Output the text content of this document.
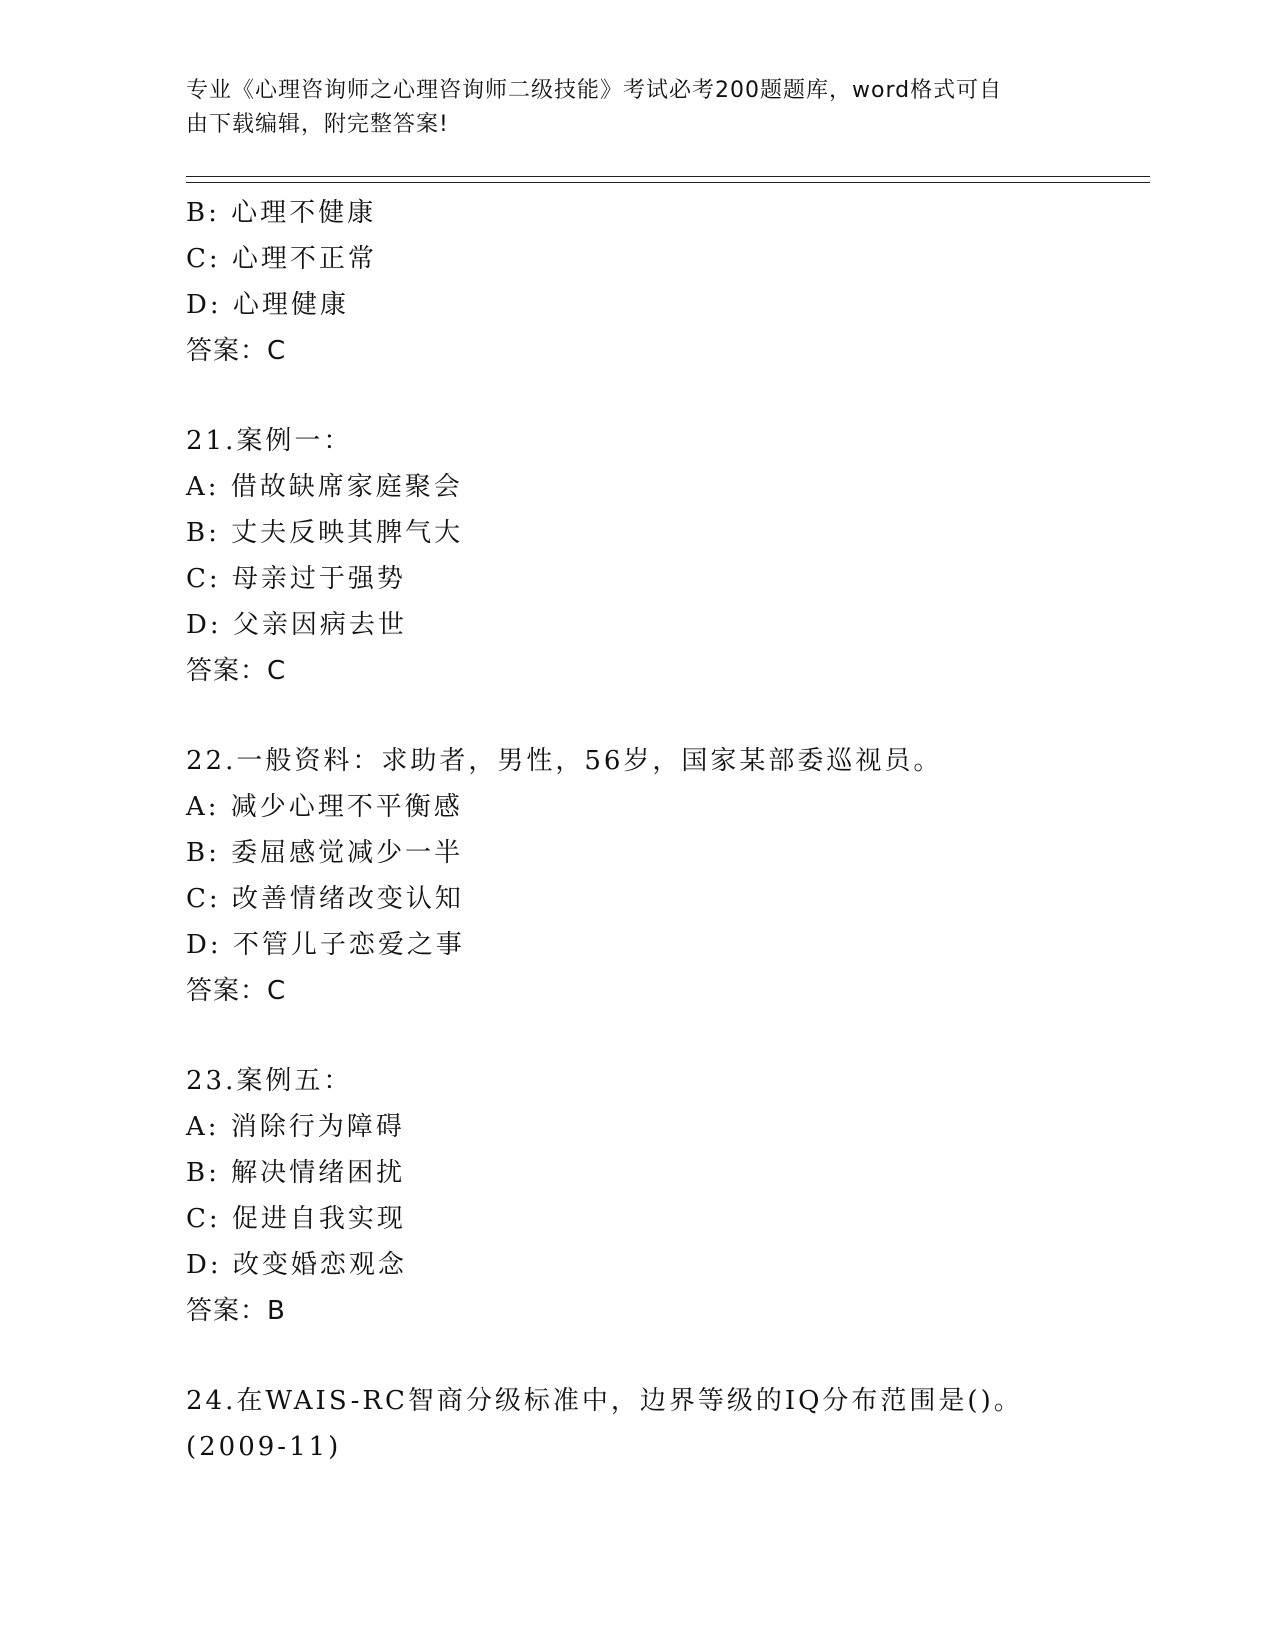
专业《心理咨询师之心理咨询师二级技能》考试必考200题题库，word格式可自
由下载编辑，附完整答案!
B: 心理不健康
C: 心理不正常
D: 心理健康
答案：C
21.案例一：
A: 借故缺席家庭聚会
B: 丈夫反映其脾气大
C: 母亲过于强势
D: 父亲因病去世
答案：C
22.一般资料：求助者，男性，56岁，国家某部委巡视员。
A: 减少心理不平衡感
B: 委屈感觉减少一半
C: 改善情绪改变认知
D: 不管儿子恋爱之事
答案：C
23.案例五：
A: 消除行为障碍
B: 解决情绪困扰
C: 促进自我实现
D: 改变婚恋观念
答案：B
24.在WAIS-RC智商分级标准中，边界等级的IQ分布范围是()。
(2009-11)
